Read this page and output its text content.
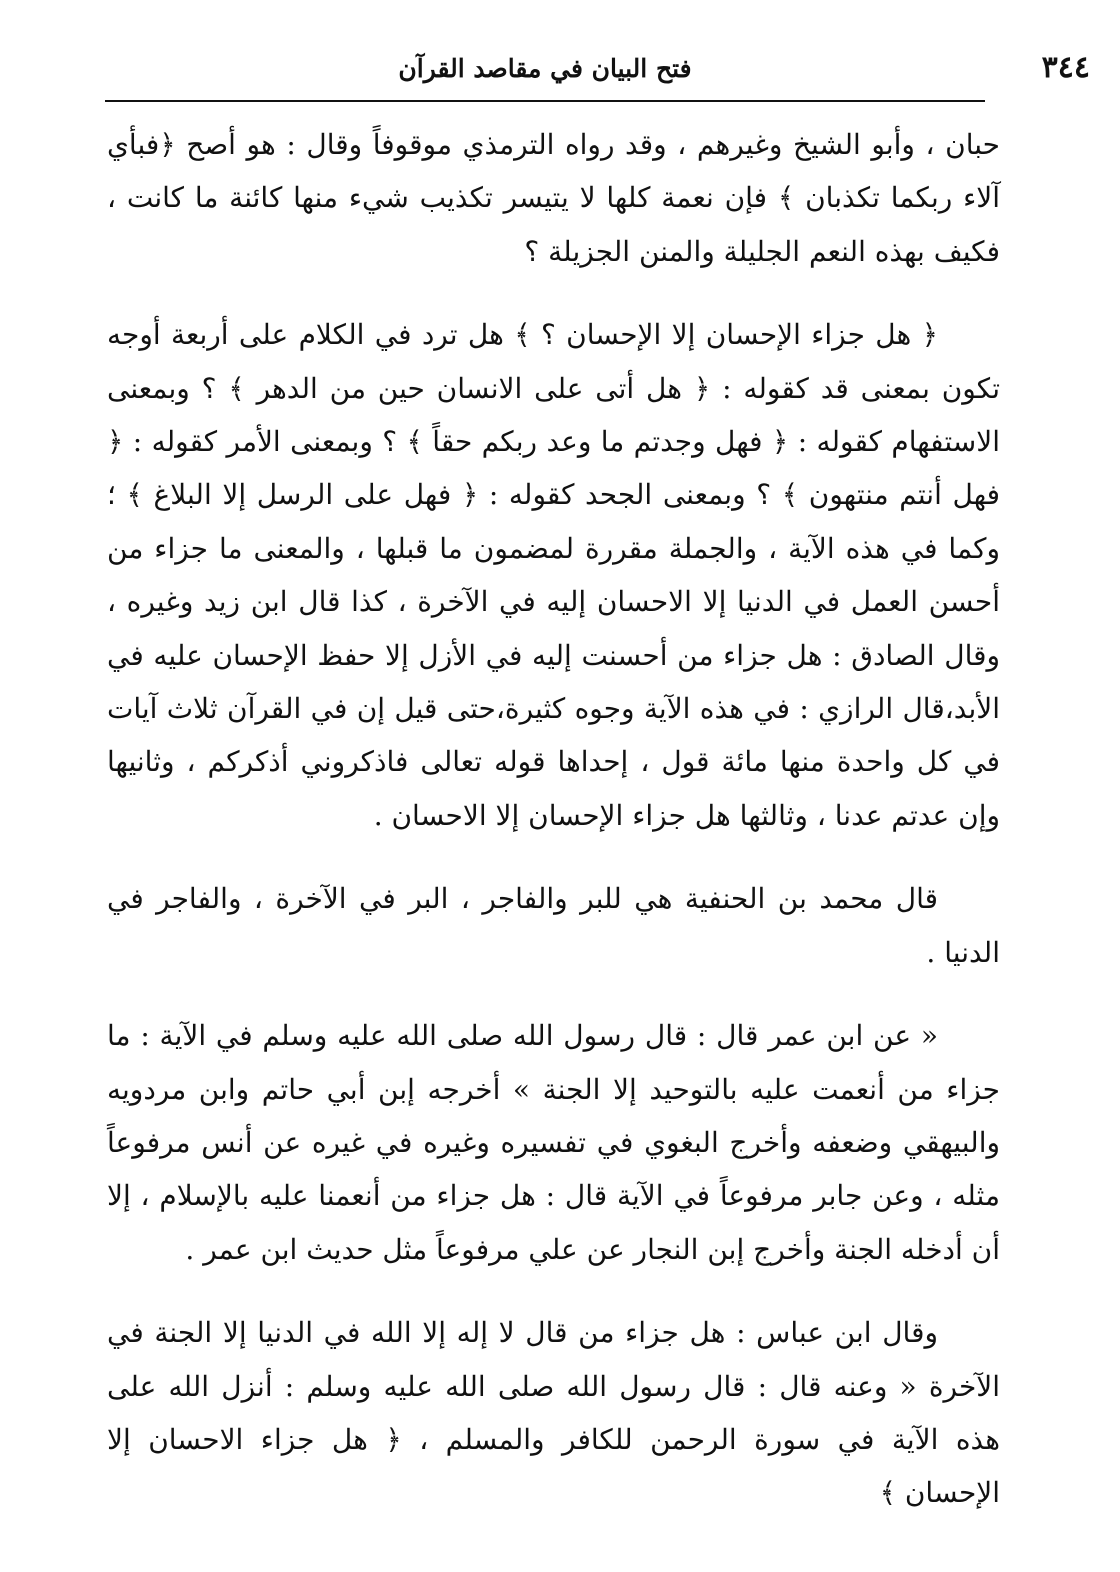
فتح البيان في مقاصد القرآن	٣٤٤

حبان ، وأبو الشيخ وغيرهم ، وقد رواه الترمذي موقوفاً وقال : هو أصح ﴿فبأي آلاء ربكما تكذبان ﴾ فإن نعمة كلها لا يتيسر تكذيب شيء منها كائنة ما كانت ، فكيف بهذه النعم الجليلة والمنن الجزيلة ؟

﴿ هل جزاء الإحسان إلا الإحسان ؟ ﴾ هل ترد في الكلام على أربعة أوجه تكون بمعنى قد كقوله : ﴿ هل أتى على الانسان حين من الدهر ﴾ ؟ وبمعنى الاستفهام كقوله : ﴿ فهل وجدتم ما وعد ربكم حقاً ﴾ ؟ وبمعنى الأمر كقوله : ﴿ فهل أنتم منتهون ﴾ ؟ وبمعنى الجحد كقوله : ﴿ فهل على الرسل إلا البلاغ ﴾ ؛ وكما في هذه الآية ، والجملة مقررة لمضمون ما قبلها ، والمعنى ما جزاء من أحسن العمل في الدنيا إلا الاحسان إليه في الآخرة ، كذا قال ابن زيد وغيره ، وقال الصادق : هل جزاء من أحسنت إليه في الأزل إلا حفظ الإحسان عليه في الأبد،قال الرازي : في هذه الآية وجوه كثيرة،حتى قيل إن في القرآن ثلاث آيات في كل واحدة منها مائة قول ، إحداها قوله تعالى فاذكروني أذكركم ، وثانيها وإن عدتم عدنا ، وثالثها هل جزاء الإحسان إلا الاحسان .

قال محمد بن الحنفية هي للبر والفاجر ، البر في الآخرة ، والفاجر في الدنيا .

« عن ابن عمر قال : قال رسول الله صلى الله عليه وسلم في الآية : ما جزاء من أنعمت عليه بالتوحيد إلا الجنة » أخرجه إبن أبي حاتم وابن مردويه والبيهقي وضعفه وأخرج البغوي في تفسيره وغيره في غيره عن أنس مرفوعاً مثله ، وعن جابر مرفوعاً في الآية قال : هل جزاء من أنعمنا عليه بالإسلام ، إلا أن أدخله الجنة وأخرج إبن النجار عن علي مرفوعاً مثل حديث ابن عمر .

وقال ابن عباس : هل جزاء من قال لا إله إلا الله في الدنيا إلا الجنة في الآخرة « وعنه قال : قال رسول الله صلى الله عليه وسلم : أنزل الله على هذه الآية في سورة الرحمن للكافر والمسلم ، ﴿ هل جزاء الاحسان إلا الإحسان ﴾
